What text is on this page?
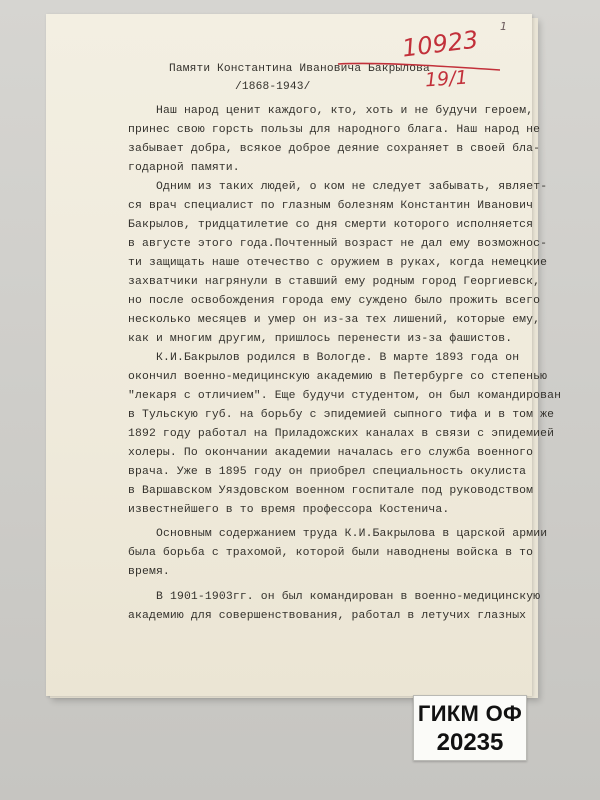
Памяти Константина Ивановича Бакрылова
/1868-1943/
Наш народ ценит каждого, кто, хоть и не будучи героем,
принес свою горсть пользы для народного блага. Наш народ не
забывает добра, всякое доброе деяние сохраняет в своей бла-
годарной памяти.
Одним из таких людей, о ком не следует забывать, являет-
ся врач специалист по глазным болезням Константин Иванович
Бакрылов, тридцатилетие со дня смерти которого исполняется
в августе этого года.Почтенный возраст не дал ему возможнос-
ти защищать наше отечество с оружием в руках, когда немецкие
захватчики нагрянули в ставший ему родным город Георгиевск,
но после освобождения города ему суждено было прожить всего
несколько месяцев и умер он из-за тех лишений, которые ему,
как и многим другим, пришлось перенести из-за фашистов.
К.И.Бакрылов родился в Вологде. В марте 1893 года он
окончил военно-медицинскую академию в Петербурге со степенью
"лекаря с отличием". Еще будучи студентом, он был командирован
в Тульскую губ. на борьбу с эпидемией сыпного тифа и в том же
1892 году работал на Приладожских каналах в связи с эпидемией
холеры. По окончании академии началась его служба военного
врача. Уже в 1895 году он приобрел специальность окулиста
в Варшавском Уяздовском военном госпитале под руководством
известнейшего в то время профессора Костенича.
Основным содержанием труда К.И.Бакрылова в царской армии
была борьба с трахомой, которой были наводнены войска в то
время.
В 1901-1903гг. он был командирован в военно-медицинскую
академию для совершенствования, работал в летучих глазных
10923
19/1
1
ГИКМ ОФ
20235
